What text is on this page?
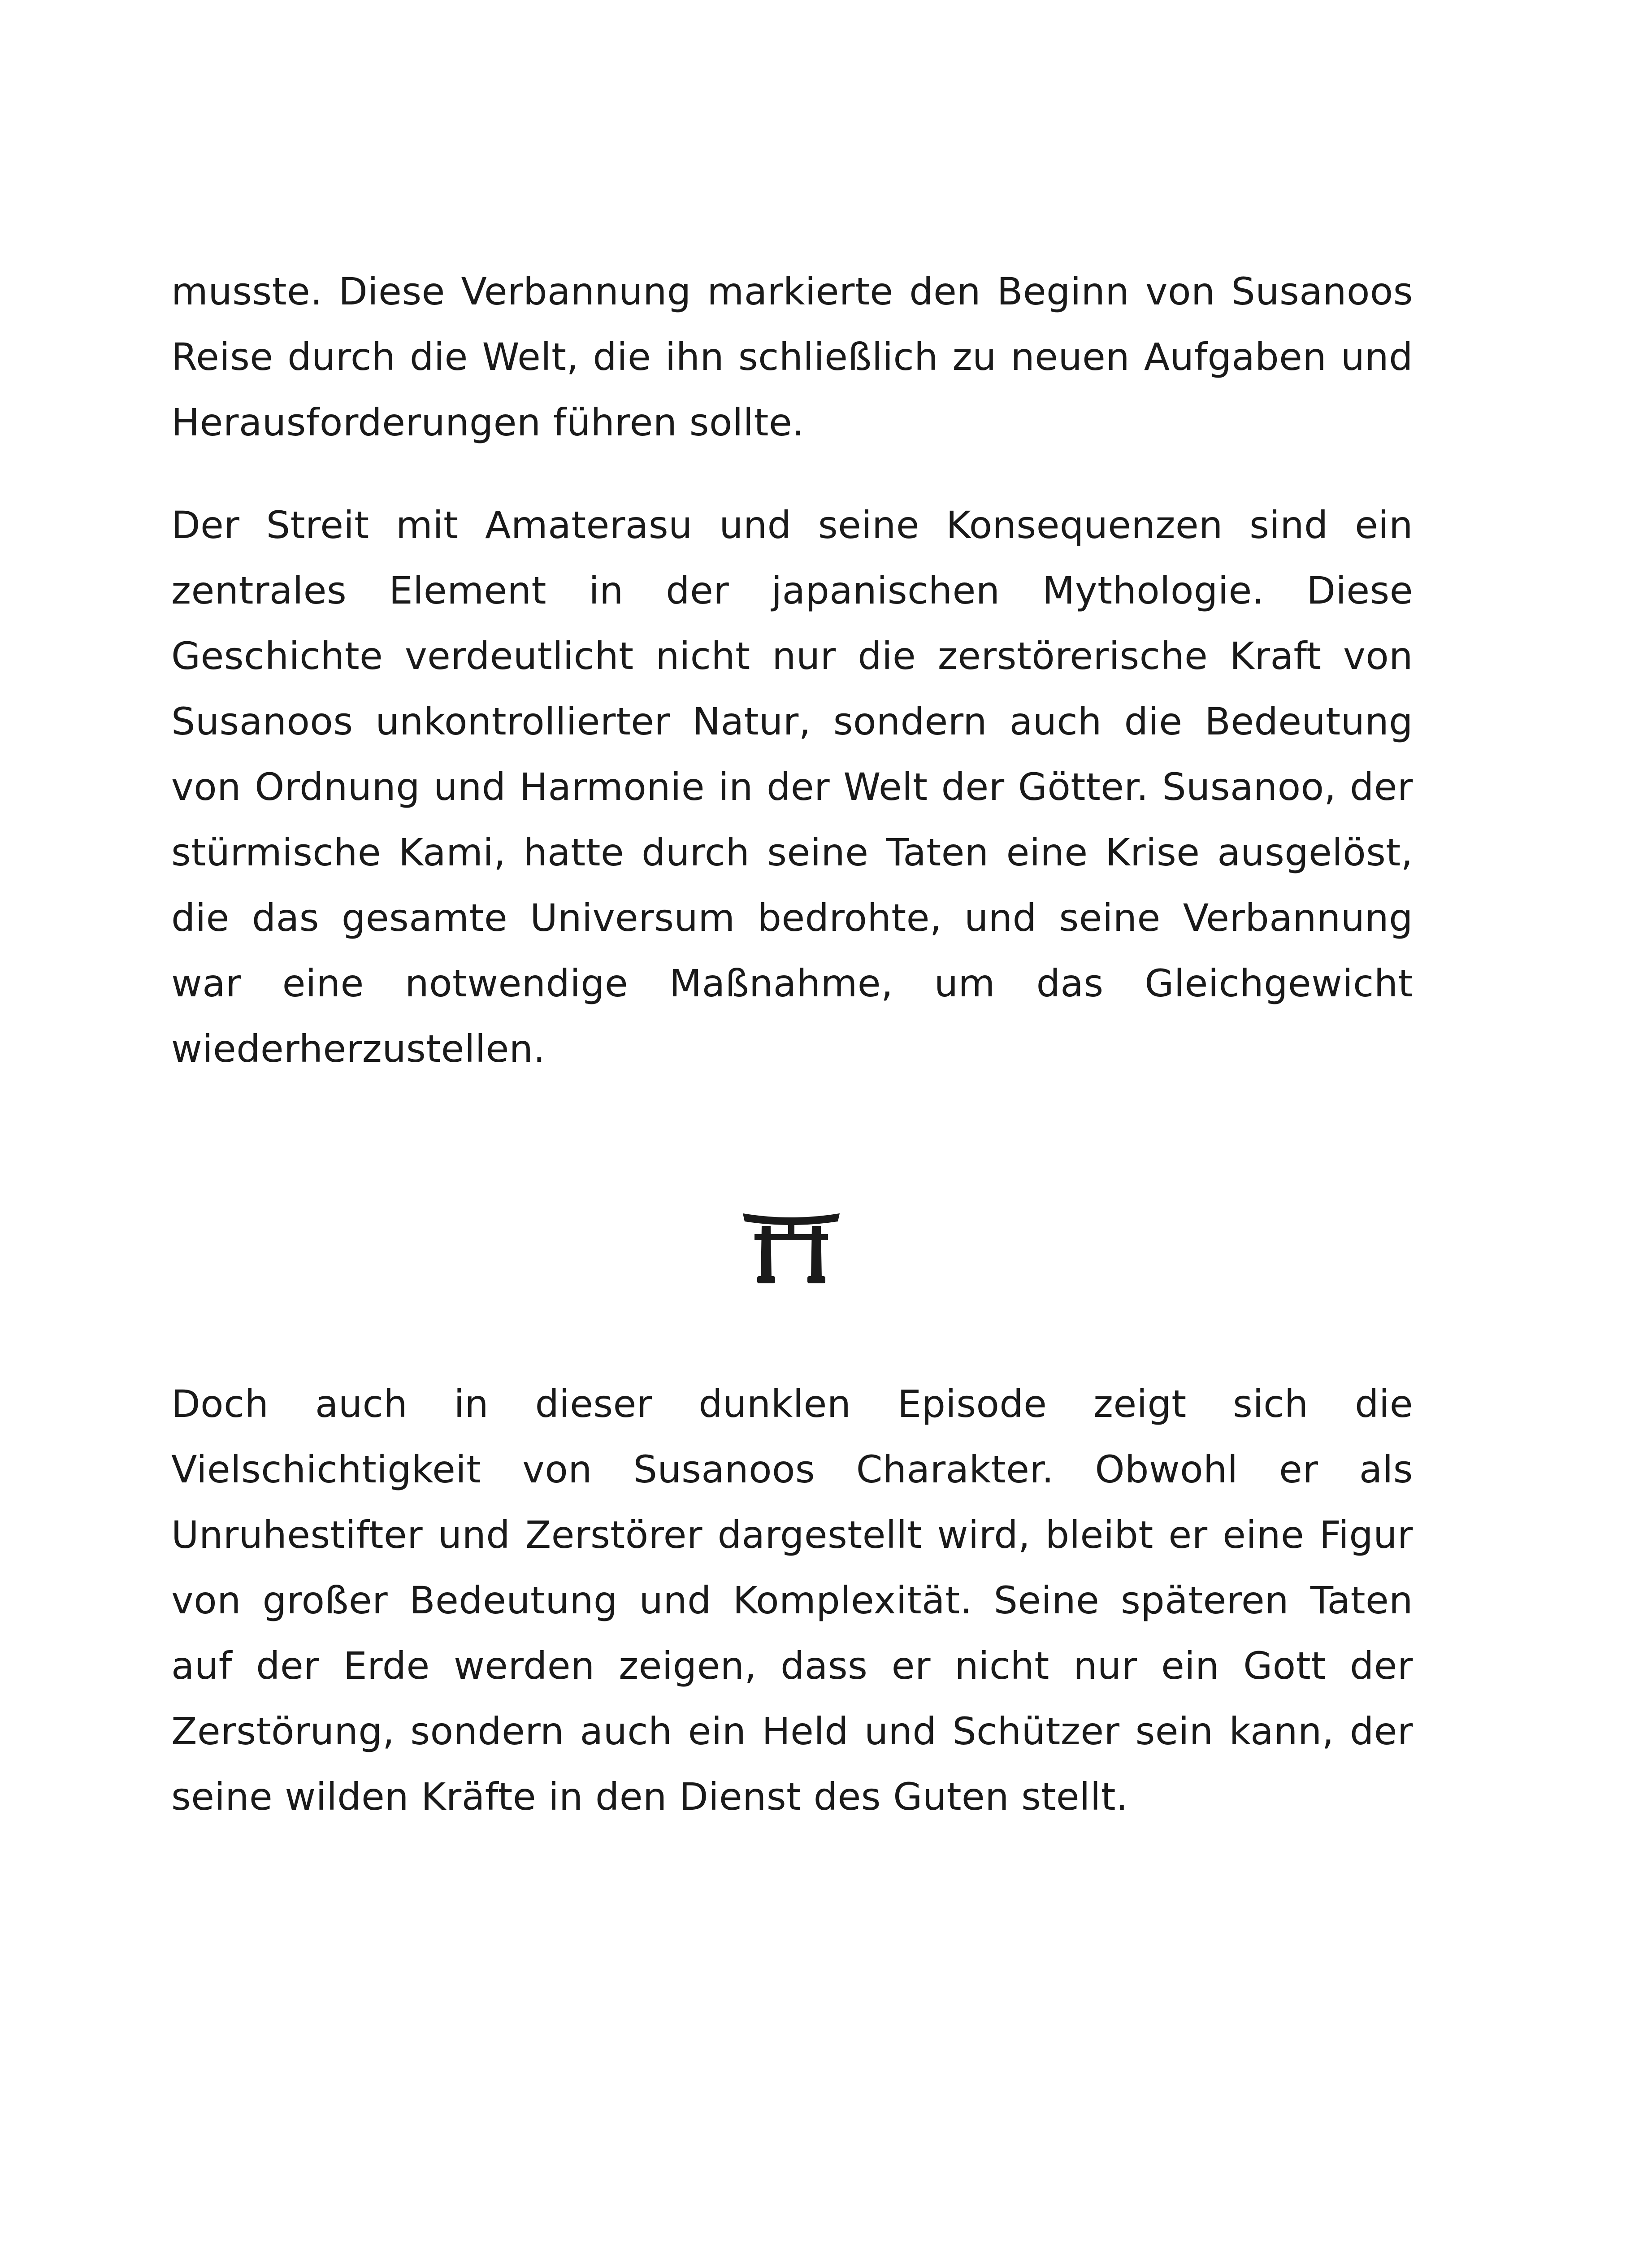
musste. Diese Verbannung markierte den Beginn von Susanoos Reise durch die Welt, die ihn schließlich zu neuen Aufgaben und Herausforderungen führen sollte.

Der Streit mit Amaterasu und seine Konsequenzen sind ein zentrales Element in der japanischen Mythologie. Diese Geschichte verdeutlicht nicht nur die zerstörerische Kraft von Susanoos unkontrollierter Natur, sondern auch die Bedeutung von Ordnung und Harmonie in der Welt der Götter. Susanoo, der stürmische Kami, hatte durch seine Taten eine Krise ausgelöst, die das gesamte Universum bedrohte, und seine Verbannung war eine notwendige Maßnahme, um das Gleichgewicht wiederherzustellen.

Doch auch in dieser dunklen Episode zeigt sich die Vielschichtigkeit von Susanoos Charakter. Obwohl er als Unruhestifter und Zerstörer dargestellt wird, bleibt er eine Figur von großer Bedeutung und Komplexität. Seine späteren Taten auf der Erde werden zeigen, dass er nicht nur ein Gott der Zerstörung, sondern auch ein Held und Schützer sein kann, der seine wilden Kräfte in den Dienst des Guten stellt.
